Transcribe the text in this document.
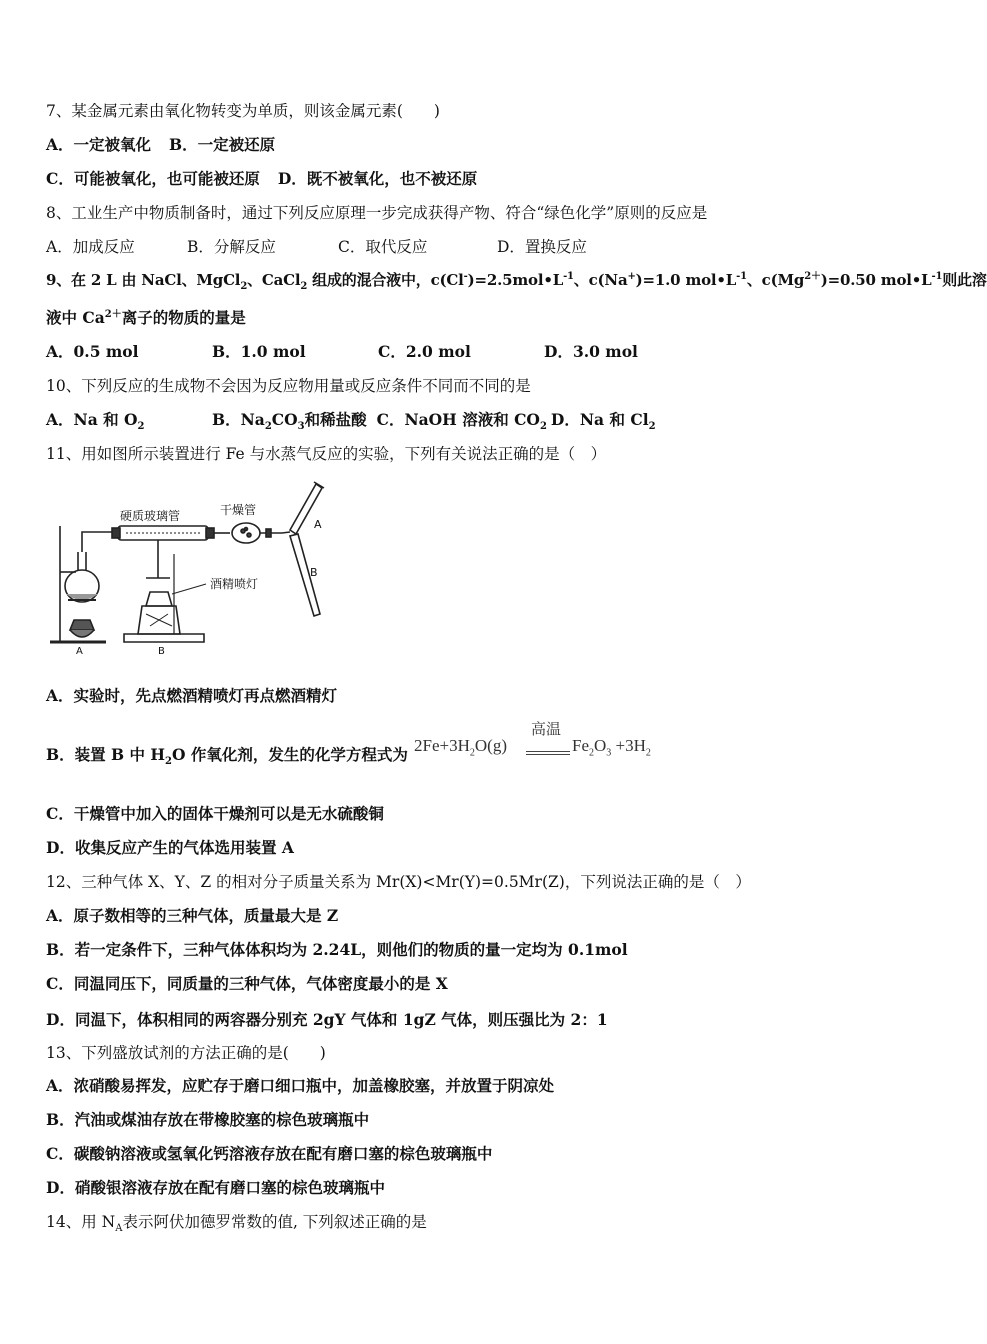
7、某金属元素由氧化物转变为单质，则该金属元素(　　)
A．一定被氧化 B．一定被还原
C．可能被氧化，也可能被还原 D．既不被氧化，也不被还原
8、工业生产中物质制备时，通过下列反应原理一步完成获得产物、符合“绿色化学”原则的反应是
A．加成反应	B．分解反应	C．取代反应	D．置换反应
9、在 2 L 由 NaCl、MgCl$_2$、CaCl$_2$ 组成的混合液中，$c(Cl^-)=2.5mol•L^{-1}$、c(Na+)=1.0 $mol•L^{-1}$、$c(Mg^{2+})=0.50$ $mol•L^{-1}$则此溶
液中 $Ca^{2+}$离子的物质的量是
A．0.5 mol	B．1.0 mol	C．2.0 mol	D．3.0 mol
10、下列反应的生成物不会因为反应物用量或反应条件不同而不同的是
A．Na 和 $O_2$	B．$Na_2CO_3$和稀盐酸 C．NaOH 溶液和 $CO_2$ D．Na 和 $Cl_2$
11、用如图所示装置进行 Fe 与水蒸气反应的实验，下列有关说法正确的是（　）
硬质玻璃管	干燥管
酒精喷灯
A	B
A
B
A．实验时，先点燃酒精喷灯再点燃酒精灯
B．装置 B 中 $H_2O$ 作氧化剂，发生的化学方程式为 $2Fe+3H_2O(g)$
高温
$Fe_2O_3 +3H_2$
C．干燥管中加入的固体干燥剂可以是无水硫酸铜
D．收集反应产生的气体选用装置 A
12、三种气体 X、Y、Z 的相对分子质量关系为 Mr(X)<Mr(Y)=0.5Mr(Z)，下列说法正确的是（　）
A．原子数相等的三种气体，质量最大是 Z
B．若一定条件下，三种气体体积均为 2.24L，则他们的物质的量一定均为 0.1mol
C．同温同压下，同质量的三种气体，气体密度最小的是 X
D．同温下，体积相同的两容器分别充 2gY 气体和 1gZ 气体，则压强比为 2：1
13、下列盛放试剂的方法正确的是(　　)
A．浓硝酸易挥发，应贮存于磨口细口瓶中，加盖橡胶塞，并放置于阴凉处
B．汽油或煤油存放在带橡胶塞的棕色玻璃瓶中
C．碳酸钠溶液或氢氧化钙溶液存放在配有磨口塞的棕色玻璃瓶中
D．硝酸银溶液存放在配有磨口塞的棕色玻璃瓶中
14、用 $N_A$表示阿伏加德罗常数的值, 下列叙述正确的是
